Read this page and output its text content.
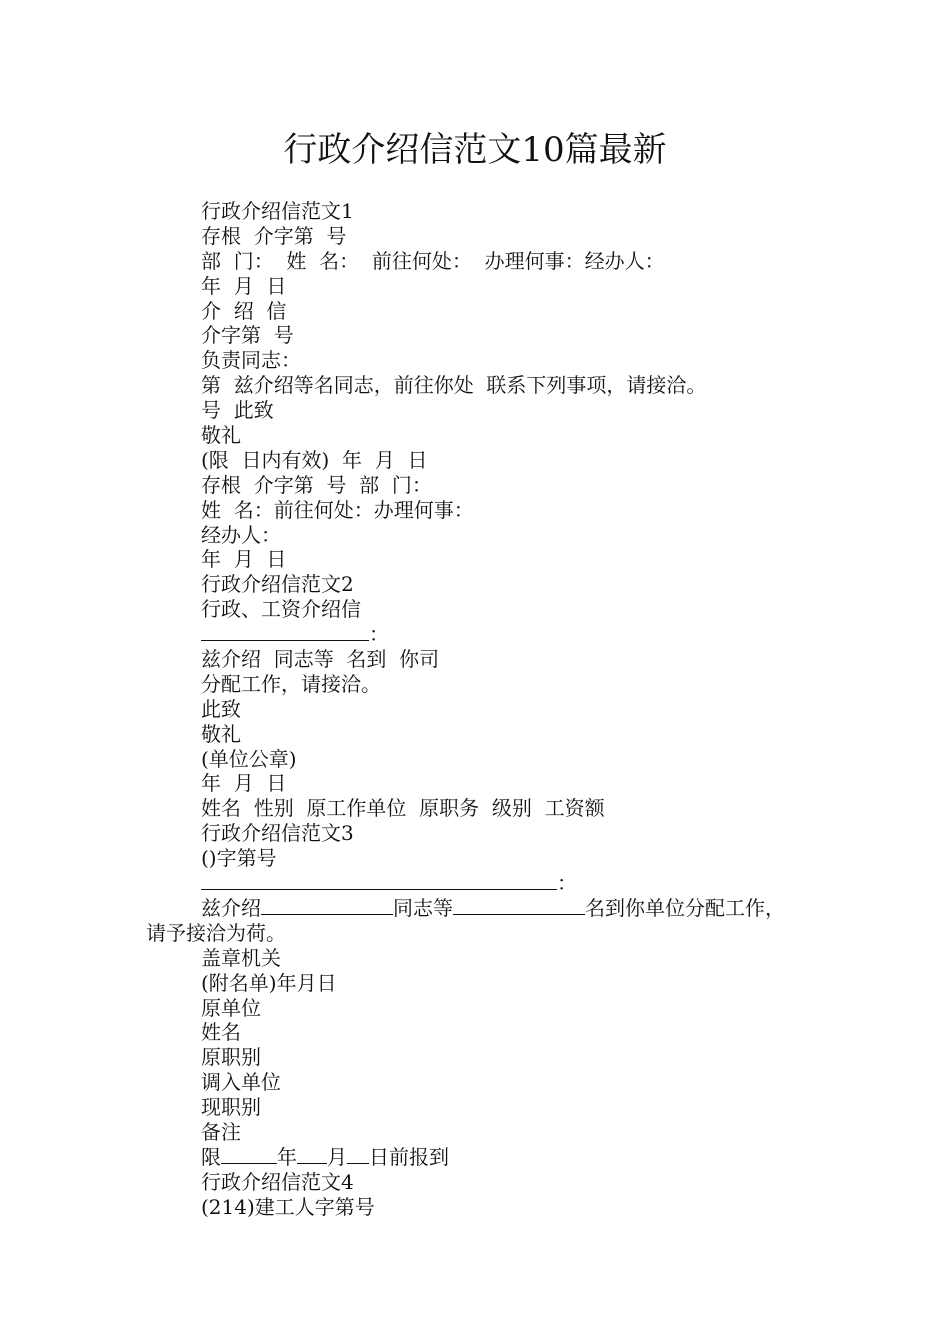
行政介绍信范文10篇最新
行政介绍信范文1
存根  介字第  号
部  门：  姓  名：  前往何处：  办理何事：经办人：
年  月  日
介  绍  信
介字第  号
负责同志：
第  兹介绍等名同志，前往你处  联系下列事项，请接洽。
号  此致
敬礼
(限  日内有效)  年  月  日
存根  介字第  号  部  门：
姓  名：前往何处：办理何事：
经办人：
年  月  日
行政介绍信范文2
行政、工资介绍信
：
兹介绍  同志等  名到  你司
分配工作，请接洽。
此致
敬礼
(单位公章)
年  月  日
姓名  性别  原工作单位  原职务  级别  工资额
行政介绍信范文3
()字第号
：
兹介绍	同志等	名到你单位分配工作，
盖章机关
(附名单)年月日
原单位
姓名
原职别
调入单位
现职别
备注
限	年 月 日前报到
行政介绍信范文4
(214)建工人字第号
请予接洽为荷。
